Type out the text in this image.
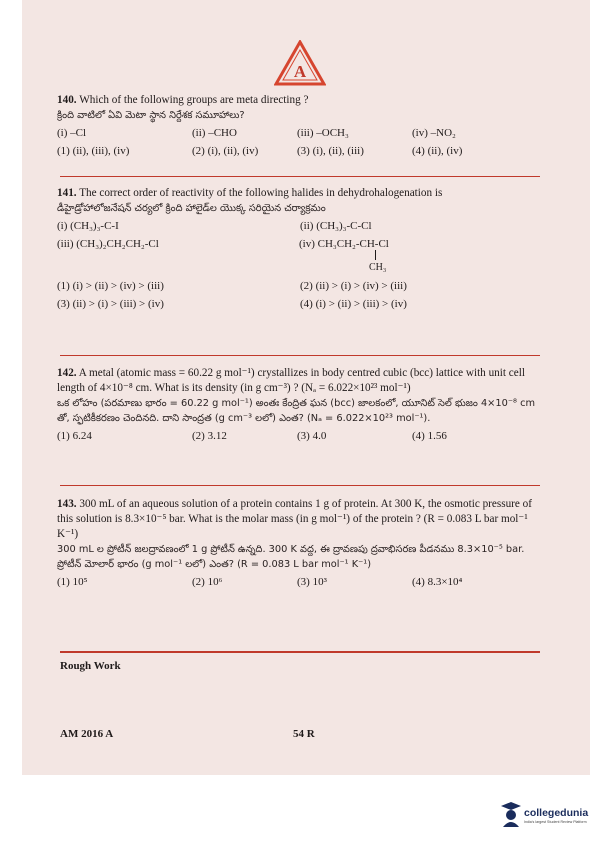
A
140. Which of the following groups are meta directing ?
క్రింది వాటిలో ఏవి మెటా స్థాన నిర్దేశక సమూహాలు?
(i) –Cl	(ii) –CHO	(iii) –OCH₃	(iv) –NO₂
(1) (ii), (iii), (iv)	(2) (i), (ii), (iv)	(3) (i), (ii), (iii)	(4) (ii), (iv)
141. The correct order of reactivity of the following halides in dehydrohalogenation is
డీహైడ్రోహాలోజనేషన్ చర్యలో క్రింది హాలైడ్‌ల యొక్క సరియైన చర్యాక్రమం
(i) (CH₃)₃-C-I	(ii) (CH₃)₃-C-Cl
(iii) (CH₃)₂CH₂CH₂-Cl	(iv) CH₃CH₂-CH-Cl
CH₃
(1) (i) > (ii) > (iv) > (iii)	(2) (ii) > (i) > (iv) > (iii)
(3) (ii) > (i) > (iii) > (iv)	(4) (i) > (ii) > (iii) > (iv)
142. A metal (atomic mass = 60.22 g mol⁻¹) crystallizes in body centred cubic (bcc) lattice with unit cell length of 4×10⁻⁸ cm. What is its density (in g cm⁻³) ? (Nₐ = 6.022×10²³ mol⁻¹)
ఒక లోహం (పరమాణు భారం = 60.22 g mol⁻¹) అంతః కేంద్రిత ఘన (bcc) జాలకంలో, యూనిట్ సెల్ భుజం 4×10⁻⁸ cm తో, స్ఫటికీకరణం చెందినది. దాని సాంద్రత (g cm⁻³ లలో) ఎంత? (Nₐ = 6.022×10²³ mol⁻¹).
(1) 6.24	(2) 3.12	(3) 4.0	(4) 1.56
143. 300 mL of an aqueous solution of a protein contains 1 g of protein. At 300 K, the osmotic pressure of this solution is 8.3×10⁻⁵ bar. What is the molar mass (in g mol⁻¹) of the protein ? (R = 0.083 L bar mol⁻¹ K⁻¹)
300 mL ల ప్రోటీన్ జలద్రావణంలో 1 g ప్రోటీన్ ఉన్నది. 300 K వద్ద, ఈ ద్రావణపు ద్రవాభిసరణ పీడనము 8.3×10⁻⁵ bar. ప్రోటీన్ మోలార్ భారం (g mol⁻¹ లలో) ఎంత? (R = 0.083 L bar mol⁻¹ K⁻¹)
(1) 10⁵	(2) 10⁶	(3) 10³	(4) 8.3×10⁴
Rough Work
AM 2016 A	54 R
collegedunia
India's largest Student Review Platform
